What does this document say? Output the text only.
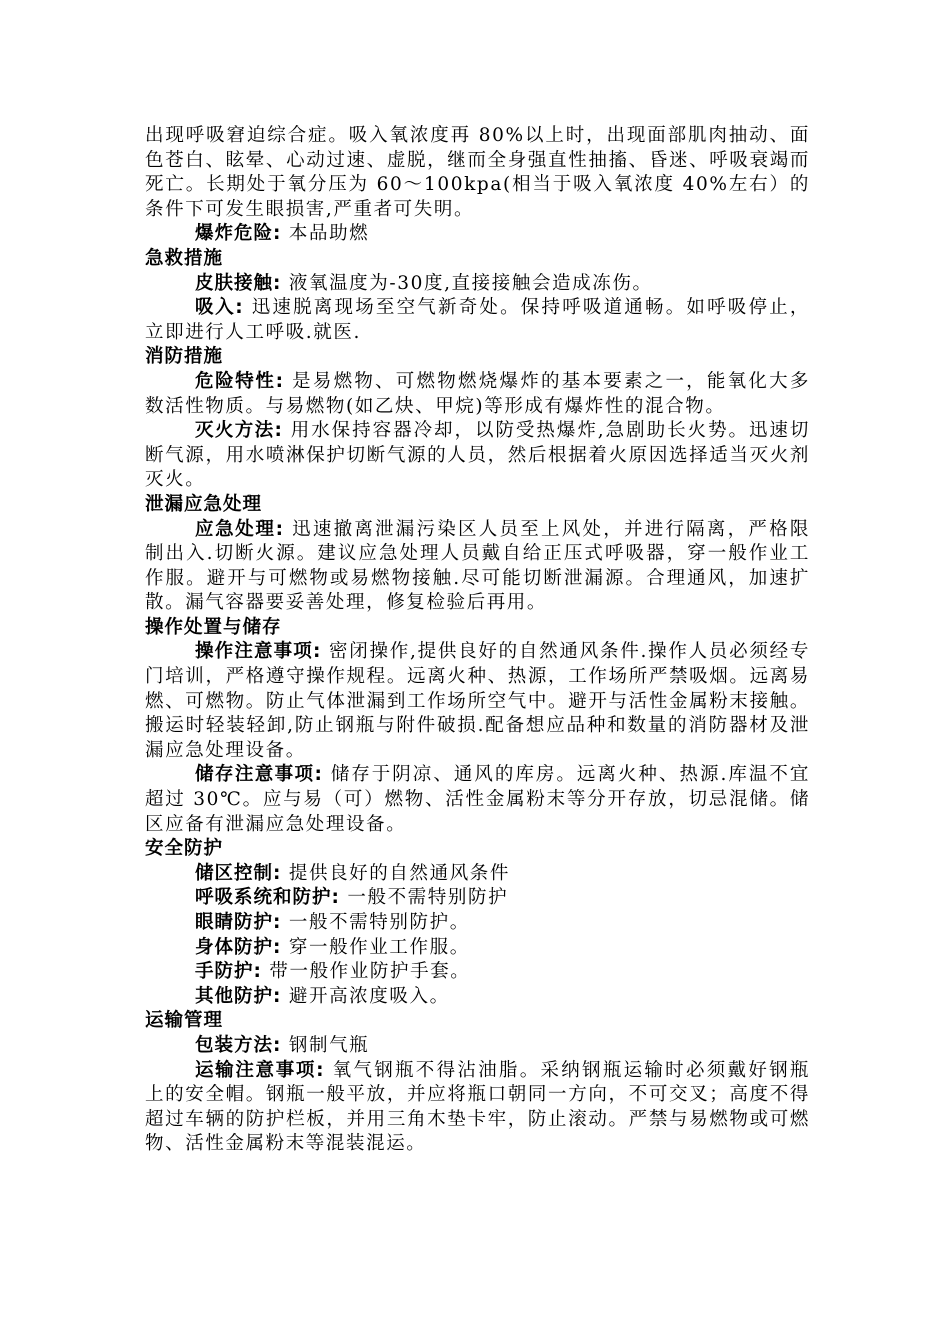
出现呼吸窘迫综合症。吸入氧浓度再 80%以上时，出现面部肌肉抽动、面色苍白、眩晕、心动过速、虚脱，继而全身强直性抽搐、昏迷、呼吸衰竭而死亡。长期处于氧分压为 60～100kpa(相当于吸入氧浓度 40%左右）的条件下可发生眼损害,严重者可失明。

爆炸危险: 本品助燃

急救措施

皮肤接触: 液氧温度为-30度,直接接触会造成冻伤。

吸入: 迅速脱离现场至空气新奇处。保持呼吸道通畅。如呼吸停止，立即进行人工呼吸.就医.

消防措施

危险特性: 是易燃物、可燃物燃烧爆炸的基本要素之一，能氧化大多数活性物质。与易燃物(如乙炔、甲烷)等形成有爆炸性的混合物。

灭火方法: 用水保持容器冷却，以防受热爆炸,急剧助长火势。迅速切断气源，用水喷淋保护切断气源的人员，然后根据着火原因选择适当灭火剂灭火。

泄漏应急处理

应急处理: 迅速撤离泄漏污染区人员至上风处，并进行隔离，严格限制出入.切断火源。建议应急处理人员戴自给正压式呼吸器，穿一般作业工作服。避开与可燃物或易燃物接触.尽可能切断泄漏源。合理通风，加速扩散。漏气容器要妥善处理，修复检验后再用。

操作处置与储存

操作注意事项: 密闭操作,提供良好的自然通风条件.操作人员必须经专门培训，严格遵守操作规程。远离火种、热源，工作场所严禁吸烟。远离易燃、可燃物。防止气体泄漏到工作场所空气中。避开与活性金属粉末接触。搬运时轻装轻卸,防止钢瓶与附件破损.配备想应品种和数量的消防器材及泄漏应急处理设备。

储存注意事项: 储存于阴凉、通风的库房。远离火种、热源.库温不宜超过 30℃。应与易（可）燃物、活性金属粉末等分开存放，切忌混储。储区应备有泄漏应急处理设备。

安全防护

储区控制: 提供良好的自然通风条件

呼吸系统和防护: 一般不需特别防护

眼睛防护: 一般不需特别防护。

身体防护: 穿一般作业工作服。

手防护: 带一般作业防护手套。

其他防护: 避开高浓度吸入。

运输管理

包装方法: 钢制气瓶

运输注意事项: 氧气钢瓶不得沾油脂。采纳钢瓶运输时必须戴好钢瓶上的安全帽。钢瓶一般平放，并应将瓶口朝同一方向，不可交叉；高度不得超过车辆的防护栏板，并用三角木垫卡牢，防止滚动。严禁与易燃物或可燃物、活性金属粉末等混装混运。
